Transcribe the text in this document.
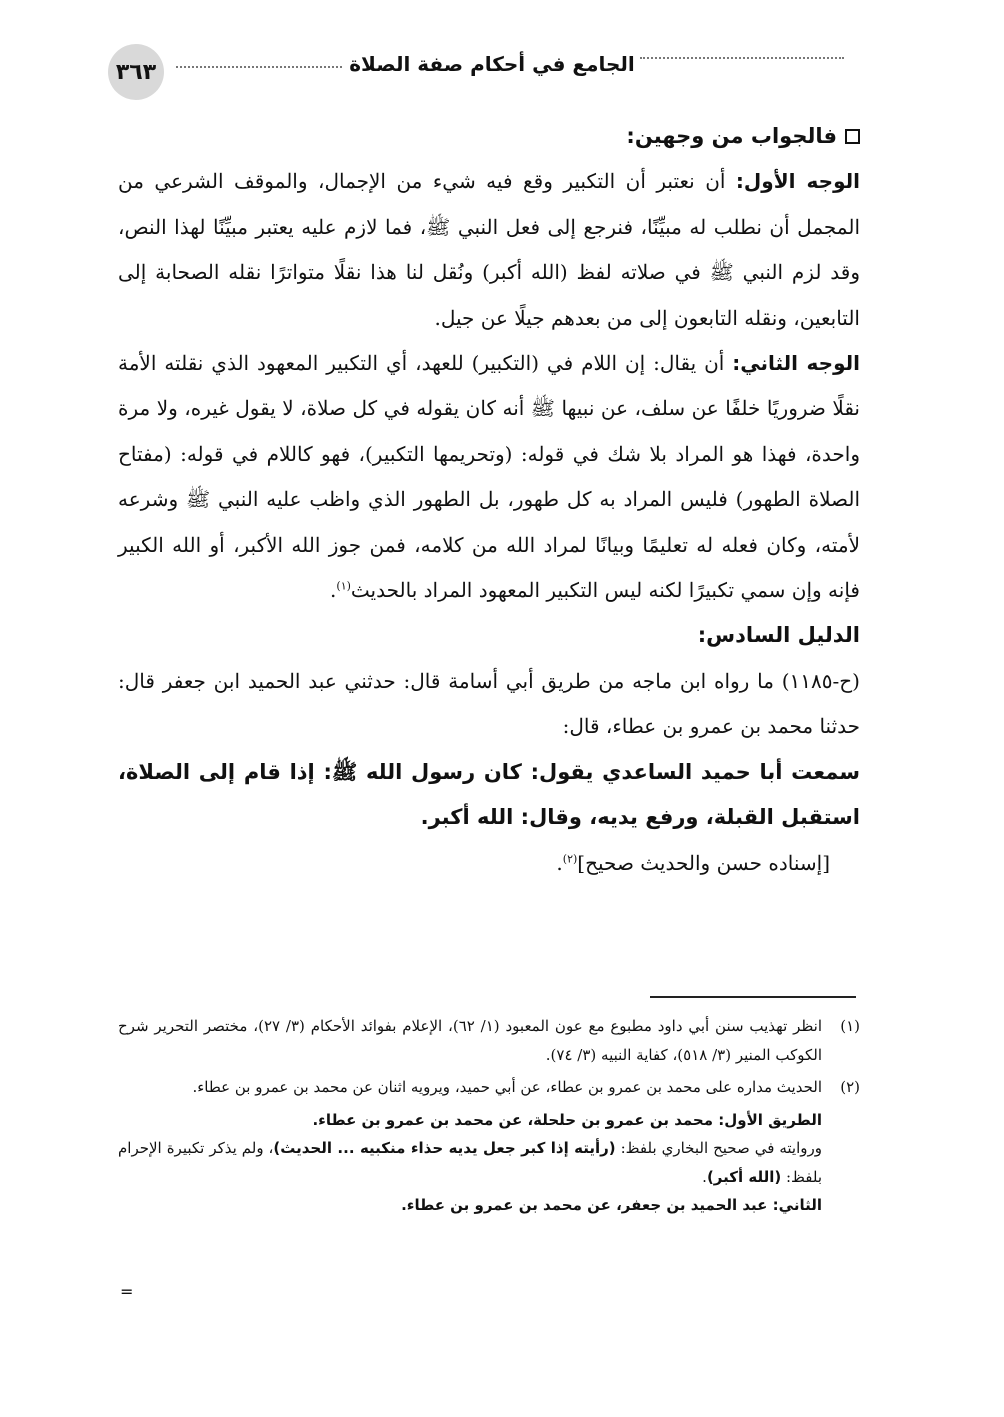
٣٦٣	الجامع في أحكام صفة الصلاة

فالجواب من وجهين:

الوجه الأول: أن نعتبر أن التكبير وقع فيه شيء من الإجمال، والموقف الشرعي من المجمل أن نطلب له مبيِّنًا، فنرجع إلى فعل النبي ﷺ، فما لازم عليه يعتبر مبيِّنًا لهذا النص، وقد لزم النبي ﷺ في صلاته لفظ (الله أكبر) ونُقل لنا هذا نقلًا متواترًا نقله الصحابة إلى التابعين، ونقله التابعون إلى من بعدهم جيلًا عن جيل.

الوجه الثاني: أن يقال: إن اللام في (التكبير) للعهد، أي التكبير المعهود الذي نقلته الأمة نقلًا ضروريًا خلفًا عن سلف، عن نبيها ﷺ أنه كان يقوله في كل صلاة، لا يقول غيره، ولا مرة واحدة، فهذا هو المراد بلا شك في قوله: (وتحريمها التكبير)، فهو كاللام في قوله: (مفتاح الصلاة الطهور) فليس المراد به كل طهور، بل الطهور الذي واظب عليه النبي ﷺ وشرعه لأمته، وكان فعله له تعليمًا وبيانًا لمراد الله من كلامه، فمن جوز الله الأكبر، أو الله الكبير فإنه وإن سمي تكبيرًا لكنه ليس التكبير المعهود المراد بالحديث$^{(١)}$.

الدليل السادس:

(ح-١١٨٥) ما رواه ابن ماجه من طريق أبي أسامة قال: حدثني عبد الحميد ابن جعفر قال: حدثنا محمد بن عمرو بن عطاء، قال:

سمعت أبا حميد الساعدي يقول: كان رسول الله ﷺ: إذا قام إلى الصلاة، استقبل القبلة، ورفع يديه، وقال: الله أكبر.

[إسناده حسن والحديث صحيح]$^{(٢)}$.

(١)
انظر تهذيب سنن أبي داود مطبوع مع عون المعبود (١/ ٦٢)، الإعلام بفوائد الأحكام (٣/ ٢٧)، مختصر التحرير شرح الكوكب المنير (٣/ ٥١٨)، كفاية النبيه (٣/ ٧٤).
(٢)
الحديث مداره على محمد بن عمرو بن عطاء، عن أبي حميد، ويرويه اثنان عن محمد بن عمرو بن عطاء.

الطريق الأول: محمد بن عمرو بن حلحلة، عن محمد بن عمرو بن عطاء.

وروايته في صحيح البخاري بلفظ: (رأيته إذا كبر جعل يديه حذاء منكبيه ... الحديث)، ولم يذكر تكبيرة الإحرام بلفظ: (الله أكبر).

الثاني: عبد الحميد بن جعفر، عن محمد بن عمرو بن عطاء.

=
